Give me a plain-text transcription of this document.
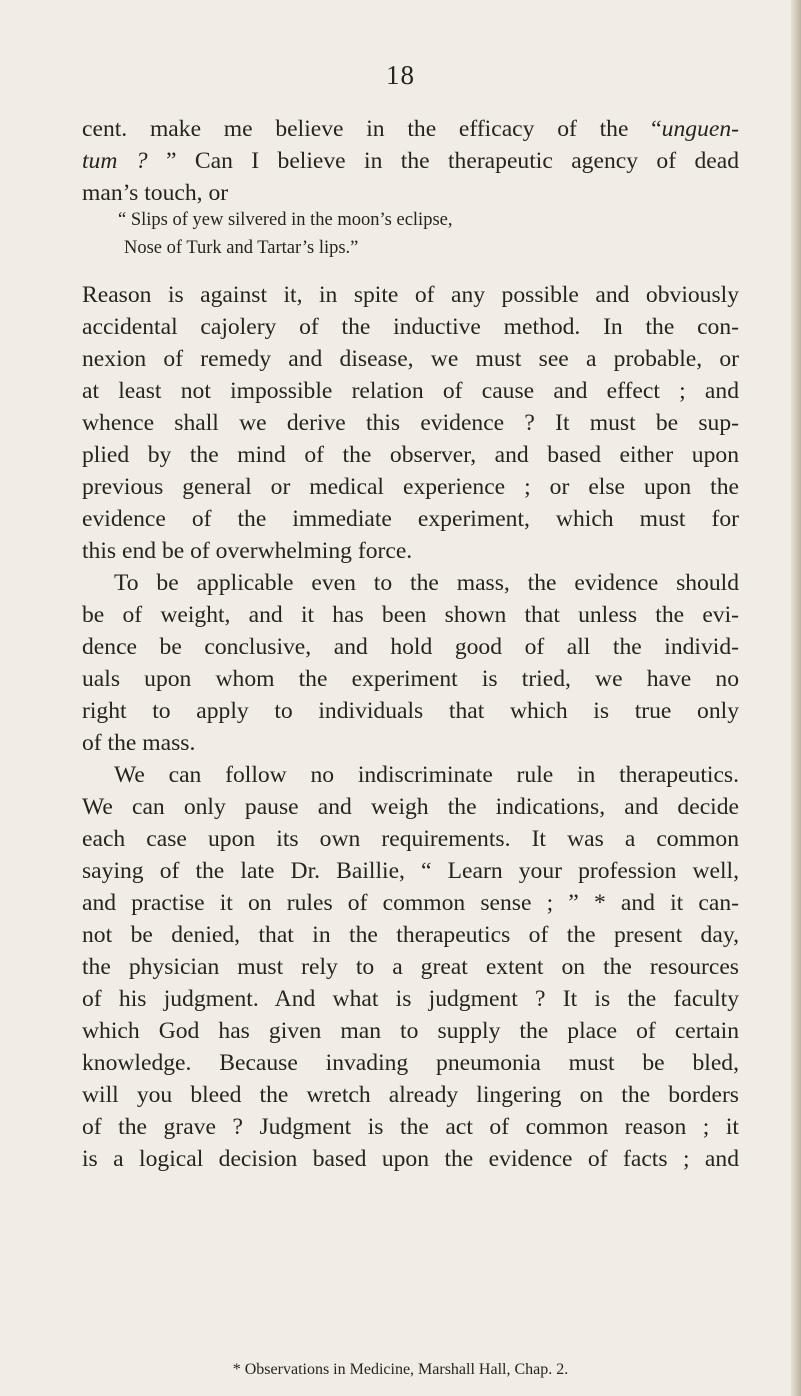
18
cent. make me believe in the efficacy of the “unguen-
tum ? ” Can I believe in the therapeutic agency of dead
man’s touch, or
“ Slips of yew silvered in the moon’s eclipse,
Nose of Turk and Tartar’s lips.”
Reason is against it, in spite of any possible and obviously
accidental cajolery of the inductive method. In the con-
nexion of remedy and disease, we must see a probable, or
at least not impossible relation of cause and effect ; and
whence shall we derive this evidence ? It must be sup-
plied by the mind of the observer, and based either upon
previous general or medical experience ; or else upon the
evidence of the immediate experiment, which must for
this end be of overwhelming force.
To be applicable even to the mass, the evidence should
be of weight, and it has been shown that unless the evi-
dence be conclusive, and hold good of all the individ-
uals upon whom the experiment is tried, we have no
right to apply to individuals that which is true only
of the mass.
We can follow no indiscriminate rule in therapeutics.
We can only pause and weigh the indications, and decide
each case upon its own requirements. It was a common
saying of the late Dr. Baillie, “ Learn your profession well,
and practise it on rules of common sense ; ” * and it can-
not be denied, that in the therapeutics of the present day,
the physician must rely to a great extent on the resources
of his judgment. And what is judgment ? It is the faculty
which God has given man to supply the place of certain
knowledge. Because invading pneumonia must be bled,
will you bleed the wretch already lingering on the borders
of the grave ? Judgment is the act of common reason ; it
is a logical decision based upon the evidence of facts ; and
* Observations in Medicine, Marshall Hall, Chap. 2.
